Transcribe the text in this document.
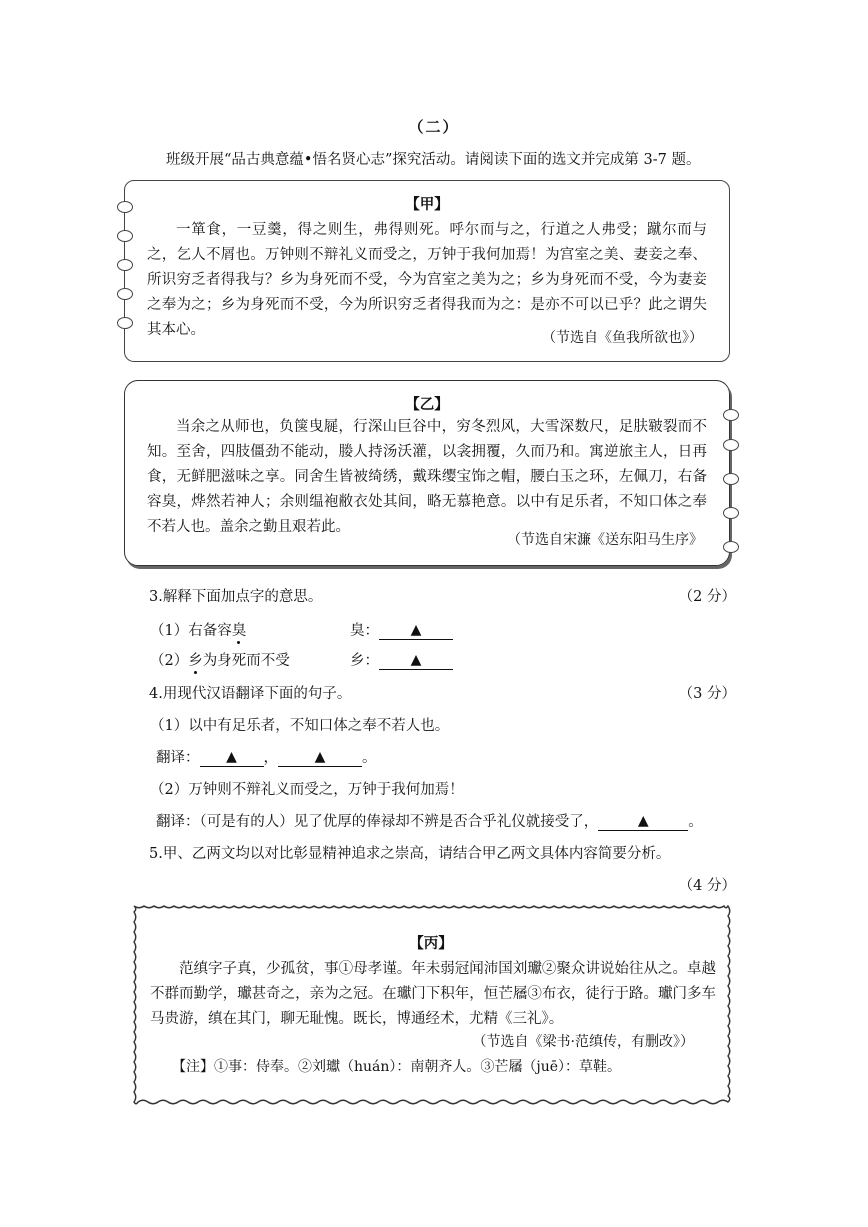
（二）
班级开展“品古典意蕴•悟名贤心志”探究活动。请阅读下面的选文并完成第 3-7 题。
【甲】
一箪食，一豆羹，得之则生，弗得则死。呼尔而与之，行道之人弗受；蹴尔而与之，乞人不屑也。万钟则不辩礼义而受之，万钟于我何加焉！为宫室之美、妻妾之奉、所识穷乏者得我与？乡为身死而不受，今为宫室之美为之；乡为身死而不受，今为妻妾之奉为之；乡为身死而不受，今为所识穷乏者得我而为之：是亦不可以已乎？此之谓失其本心。	（节选自《鱼我所欲也》）
【乙】
当余之从师也，负箧曳屣，行深山巨谷中，穷冬烈风，大雪深数尺，足肤皲裂而不知。至舍，四肢僵劲不能动，媵人持汤沃灌，以衾拥覆，久而乃和。寓逆旅主人，日再食，无鲜肥滋味之享。同舍生皆被绮绣，戴珠缨宝饰之帽，腰白玉之环，左佩刀，右备容臭，烨然若神人；余则缊袍敝衣处其间，略无慕艳意。以中有足乐者，不知口体之奉不若人也。盖余之勤且艰若此。
（节选自宋濂《送东阳马生序》
3.解释下面加点字的意思。	（2 分）
（1）右备容臭	臭： ▲
（2）乡为身死而不受	乡： ▲
4.用现代汉语翻译下面的句子。	（3 分）
（1）以中有足乐者，不知口体之奉不若人也。
翻译： ▲ ，	▲	。
（2）万钟则不辩礼义而受之，万钟于我何加焉！
翻译：（可是有的人）见了优厚的俸禄却不辨是否合乎礼仪就接受了，	▲	。
5.甲、乙两文均以对比彰显精神追求之崇高，请结合甲乙两文具体内容简要分析。
（4 分）
【丙】
范缜字子真，少孤贫，事①母孝谨。年未弱冠闻沛国刘瓛②聚众讲说始往从之。卓越不群而勤学，瓛甚奇之，亲为之冠。在瓛门下积年，恒芒屩③布衣，徒行于路。瓛门多车马贵游，缜在其门，聊无耻愧。既长，博通经术，尤精《三礼》。
（节选自《梁书·范缜传，有删改》）
【注】①事：侍奉。②刘瓛（huán）：南朝齐人。③芒屩（juē）：草鞋。
